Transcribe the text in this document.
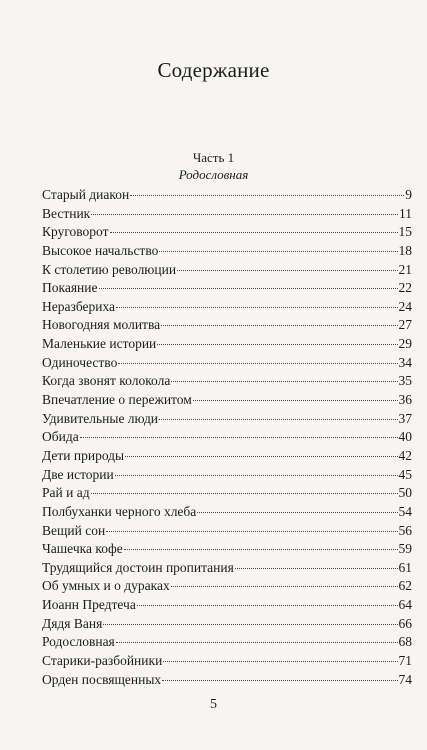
Содержание
Часть 1
Родословная
Старый диакон	9
Вестник	11
Круговорот	15
Высокое начальство	18
К столетию революции	21
Покаяние	22
Неразбериха	24
Новогодняя молитва	27
Маленькие истории	29
Одиночество	34
Когда звонят колокола	35
Впечатление о пережитом	36
Удивительные люди	37
Обида	40
Дети природы	42
Две истории	45
Рай и ад	50
Полбуханки черного хлеба	54
Вещий сон	56
Чашечка кофе	59
Трудящийся достоин пропитания	61
Об умных и о дураках	62
Иоанн Предтеча	64
Дядя Ваня	66
Родословная	68
Старики-разбойники	71
Орден посвященных	74
5
